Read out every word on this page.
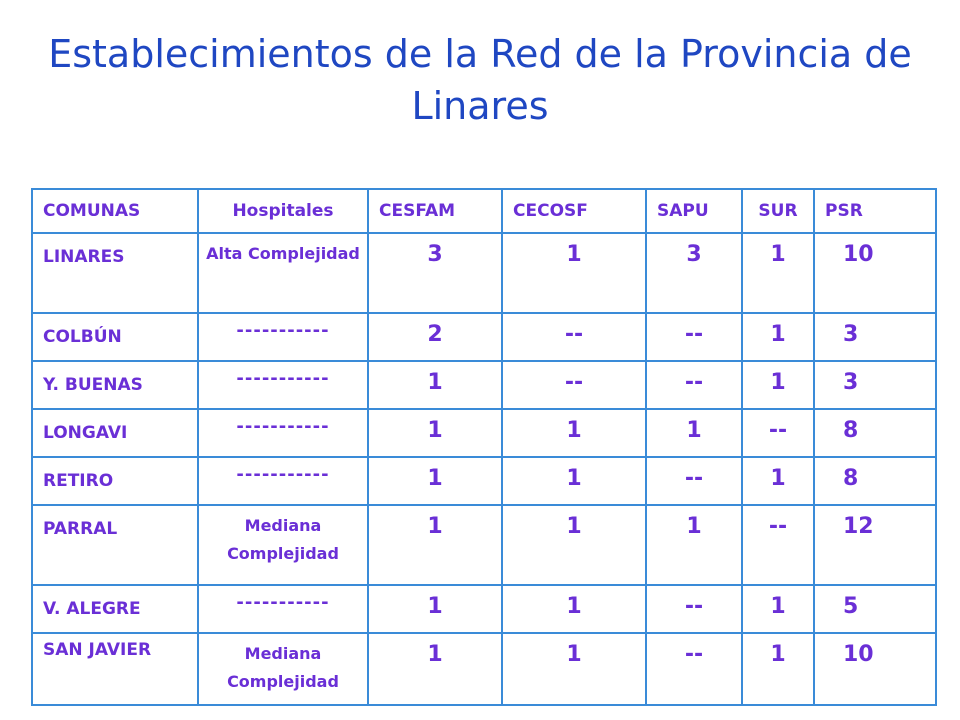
Establecimientos de la Red de la Provincia de Linares
COMUNAS	Hospitales	CESFAM	CECOSF	SAPU	SUR	PSR
LINARES	Alta Complejidad	3	1	3	1	10
COLBÚN	-----------	2	--	--	1	3
Y. BUENAS	-----------	1	--	--	1	3
LONGAVI	-----------	1	1	1	--	8
RETIRO	-----------	1	1	--	1	8
PARRAL	Mediana Complejidad	1	1	1	--	12
V. ALEGRE	-----------	1	1	--	1	5
SAN JAVIER	Mediana Complejidad	1	1	--	1	10
